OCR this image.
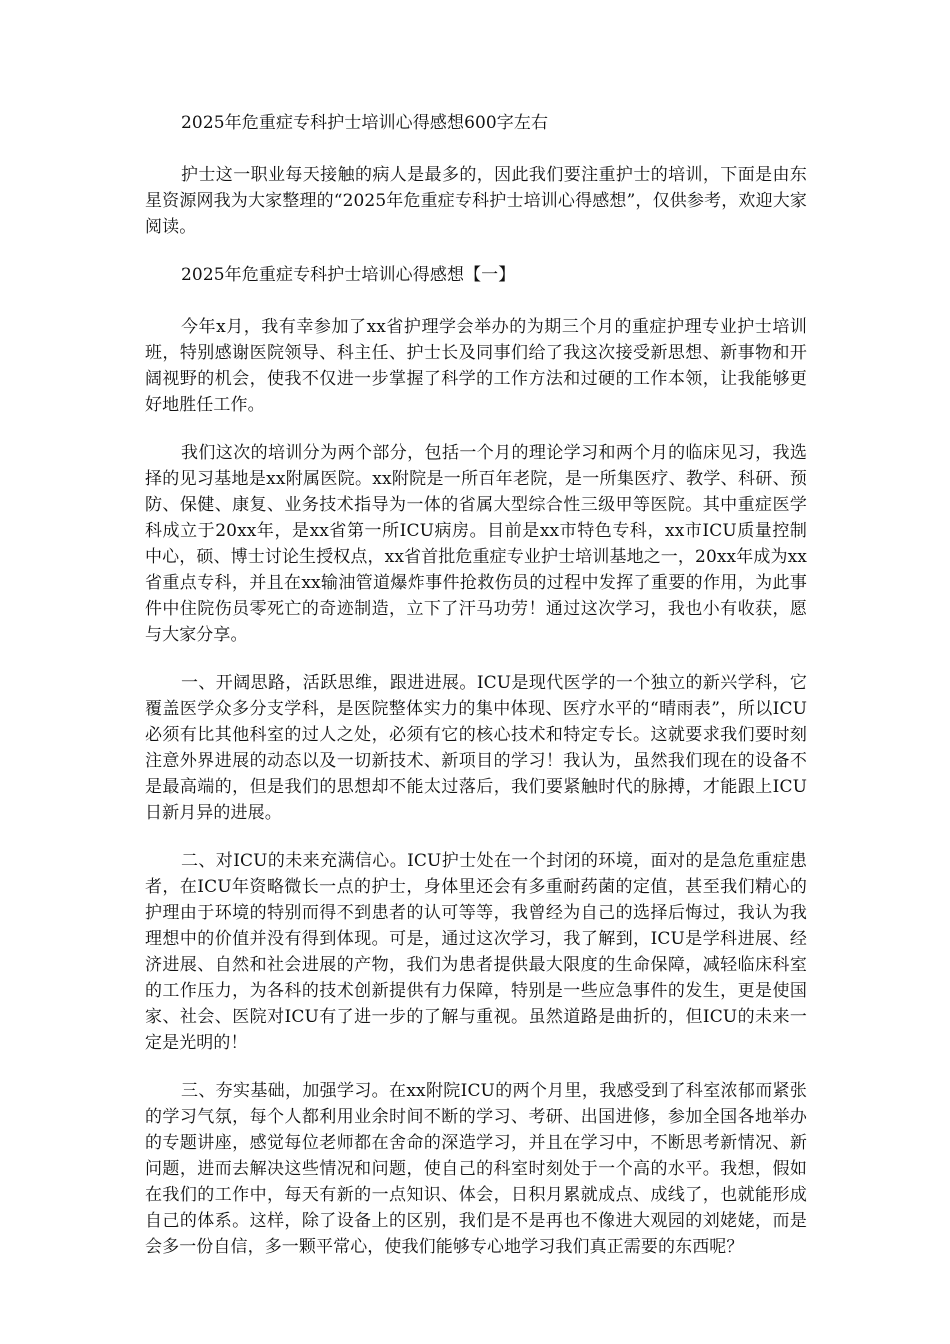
2025年危重症专科护士培训心得感想600字左右

护士这一职业每天接触的病人是最多的，因此我们要注重护士的培训，下面是由东星资源网我为大家整理的“2025年危重症专科护士培训心得感想”，仅供参考，欢迎大家阅读。

2025年危重症专科护士培训心得感想【一】

今年x月，我有幸参加了xx省护理学会举办的为期三个月的重症护理专业护士培训班，特别感谢医院领导、科主任、护士长及同事们给了我这次接受新思想、新事物和开阔视野的机会，使我不仅进一步掌握了科学的工作方法和过硬的工作本领，让我能够更好地胜任工作。

我们这次的培训分为两个部分，包括一个月的理论学习和两个月的临床见习，我选择的见习基地是xx附属医院。xx附院是一所百年老院，是一所集医疗、教学、科研、预防、保健、康复、业务技术指导为一体的省属大型综合性三级甲等医院。其中重症医学科成立于20xx年，是xx省第一所ICU病房。目前是xx市特色专科，xx市ICU质量控制中心，硕、博士讨论生授权点，xx省首批危重症专业护士培训基地之一，20xx年成为xx省重点专科，并且在xx输油管道爆炸事件抢救伤员的过程中发挥了重要的作用，为此事件中住院伤员零死亡的奇迹制造，立下了汗马功劳！通过这次学习，我也小有收获，愿与大家分享。

一、开阔思路，活跃思维，跟进进展。ICU是现代医学的一个独立的新兴学科，它覆盖医学众多分支学科，是医院整体实力的集中体现、医疗水平的“晴雨表”，所以ICU必须有比其他科室的过人之处，必须有它的核心技术和特定专长。这就要求我们要时刻注意外界进展的动态以及一切新技术、新项目的学习！我认为，虽然我们现在的设备不是最高端的，但是我们的思想却不能太过落后，我们要紧触时代的脉搏，才能跟上ICU日新月异的进展。

二、对ICU的未来充满信心。ICU护士处在一个封闭的环境，面对的是急危重症患者，在ICU年资略微长一点的护士，身体里还会有多重耐药菌的定值，甚至我们精心的护理由于环境的特别而得不到患者的认可等等，我曾经为自己的选择后悔过，我认为我理想中的价值并没有得到体现。可是，通过这次学习，我了解到，ICU是学科进展、经济进展、自然和社会进展的产物，我们为患者提供最大限度的生命保障，减轻临床科室的工作压力，为各科的技术创新提供有力保障，特别是一些应急事件的发生，更是使国家、社会、医院对ICU有了进一步的了解与重视。虽然道路是曲折的，但ICU的未来一定是光明的！

三、夯实基础，加强学习。在xx附院ICU的两个月里，我感受到了科室浓郁而紧张的学习气氛，每个人都利用业余时间不断的学习、考研、出国进修，参加全国各地举办的专题讲座，感觉每位老师都在舍命的深造学习，并且在学习中，不断思考新情况、新问题，进而去解决这些情况和问题，使自己的科室时刻处于一个高的水平。我想，假如在我们的工作中，每天有新的一点知识、体会，日积月累就成点、成线了，也就能形成自己的体系。这样，除了设备上的区别，我们是不是再也不像进大观园的刘姥姥，而是会多一份自信，多一颗平常心，使我们能够专心地学习我们真正需要的东西呢？
